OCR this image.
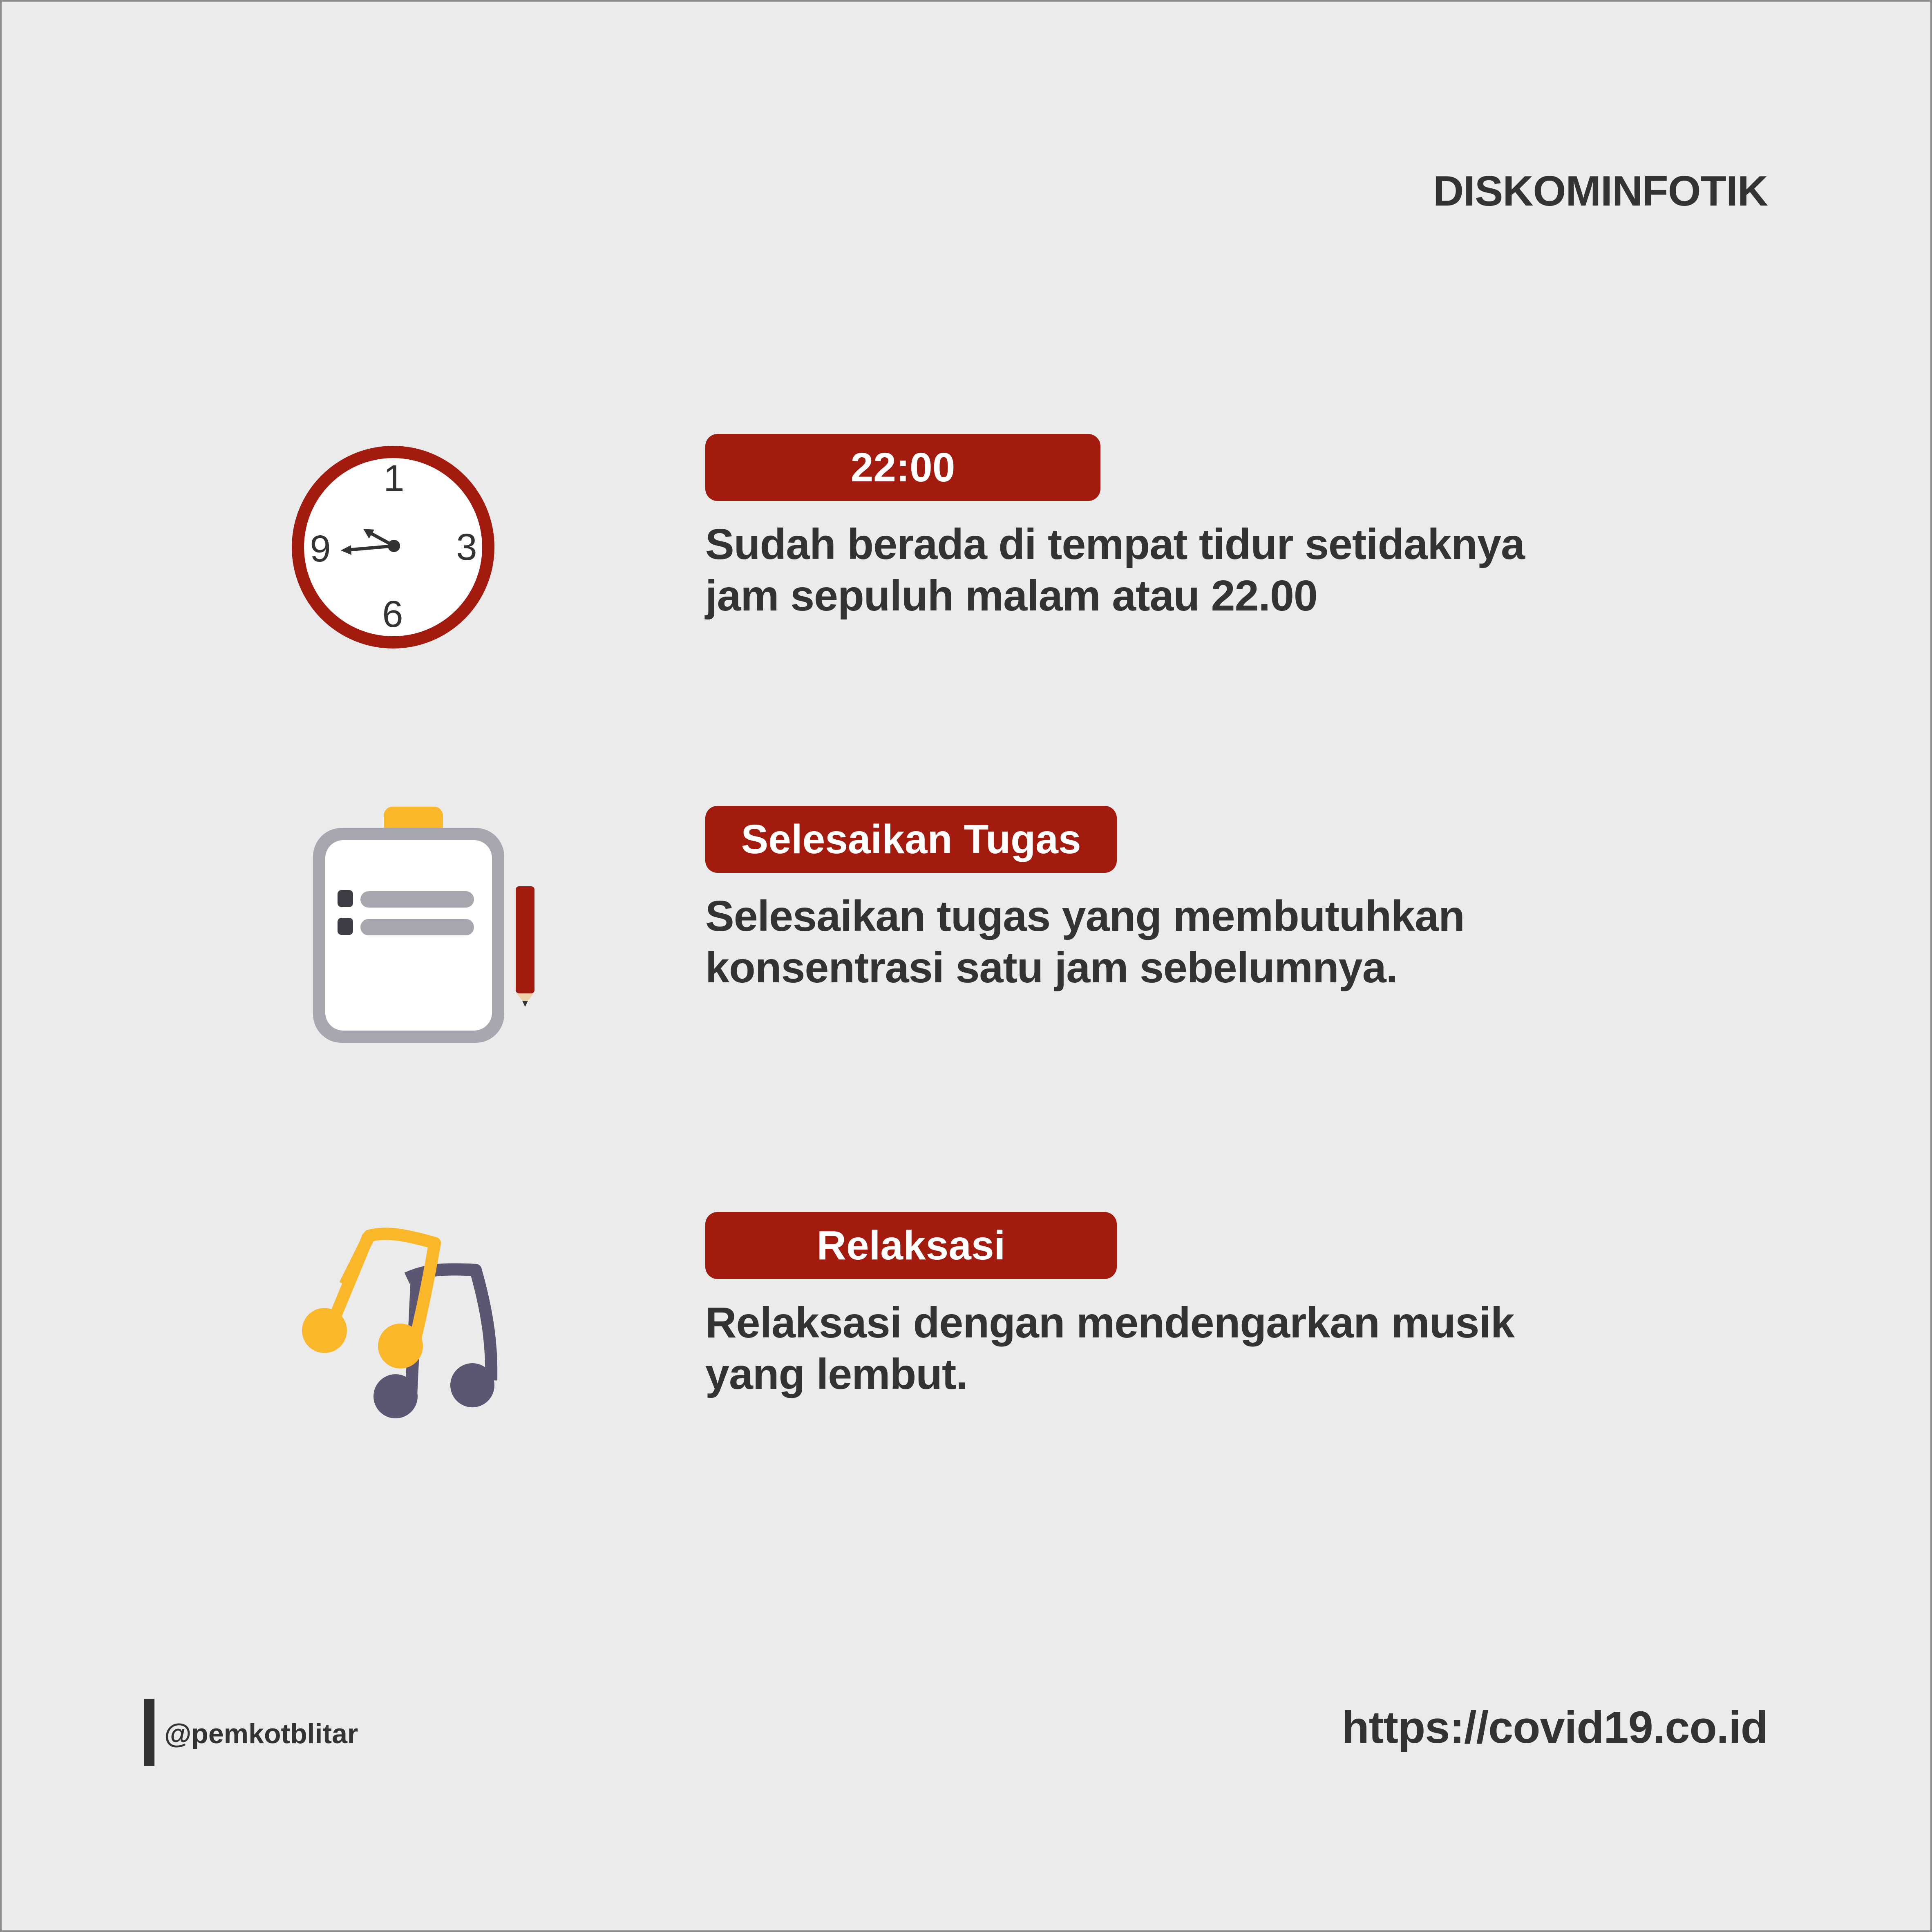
DISKOMINFOTIK
1
3
6
9
22:00
Sudah berada di tempat tidur setidaknya
jam sepuluh malam atau 22.00
Selesaikan Tugas
Selesaikan tugas yang membutuhkan
konsentrasi satu jam sebelumnya.
Relaksasi
Relaksasi dengan mendengarkan musik
yang lembut.
@pemkotblitar	https://covid19.co.id
